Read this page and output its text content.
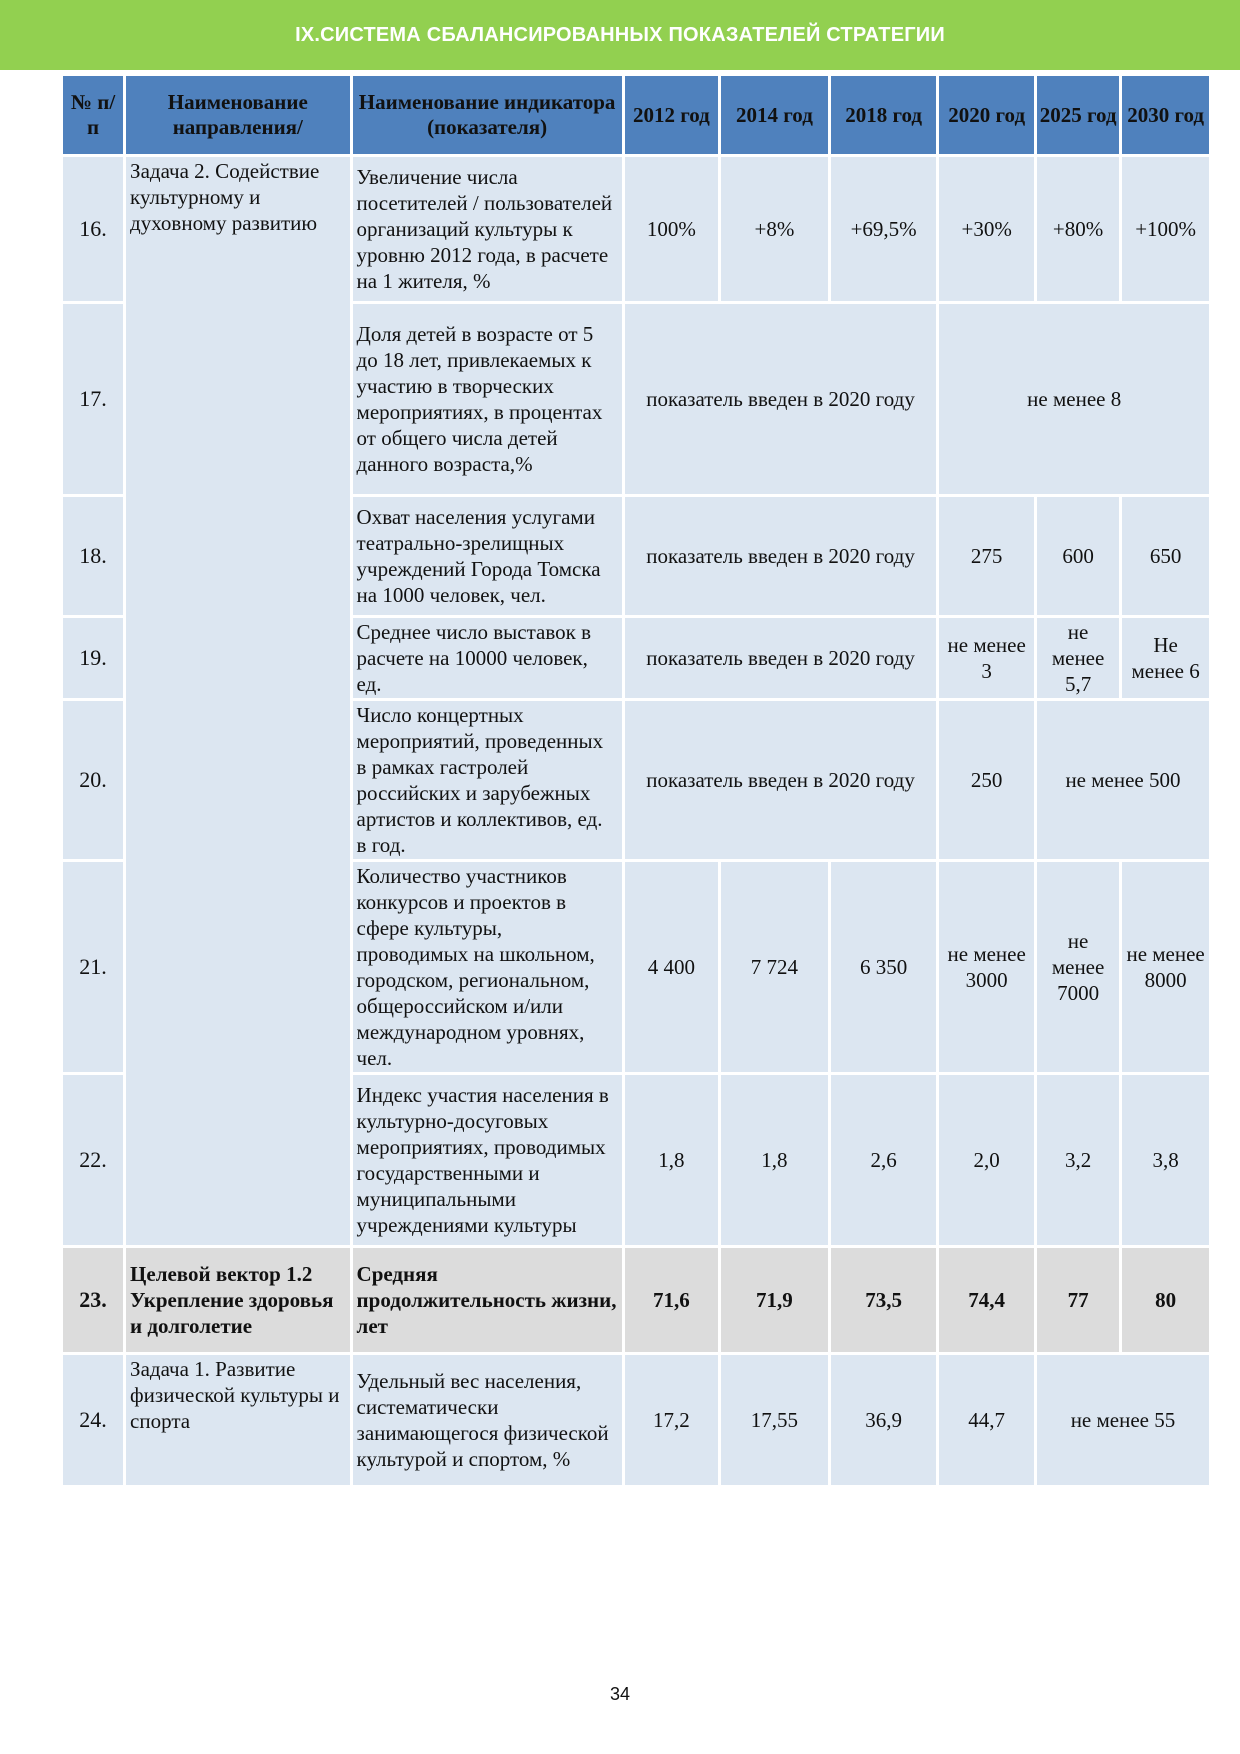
IX.СИСТЕМА СБАЛАНСИРОВАННЫХ ПОКАЗАТЕЛЕЙ СТРАТЕГИИ
№ п/п	Наименование направления/	Наименование индикатора (показателя)	2012 год	2014 год	2018 год	2020 год	2025 год	2030 год
16.	Задача 2. Содействие культурному и духовному развитию	Увеличение числа посетителей / пользователей организаций культуры к уровню 2012 года, в расчете на 1 жителя, %	100%	+8%	+69,5%	+30%	+80%	+100%
17.		Доля детей в возрасте от 5 до 18 лет, привлекаемых к участию в творческих мероприятиях, в процентах от общего числа детей данного возраста,%	показатель введен в 2020 году			не менее 8		
18.		Охват населения услугами театрально-зрелищных учреждений Города Томска на 1000 человек, чел.	показатель введен в 2020 году			275	600	650
19.		Среднее число выставок в расчете на 10000 человек, ед.	показатель введен в 2020 году			не менее 3	не менее 5,7	Не менее 6
20.		Число концертных мероприятий, проведенных в рамках гастролей российских и зарубежных артистов и коллективов, ед. в год.	показатель введен в 2020 году			250	не менее 500	
21.		Количество участников конкурсов и проектов в сфере культуры, проводимых на школьном, городском, региональном, общероссийском и/или международном уровнях, чел.	4 400	7 724	6 350	не менее 3000	не менее 7000	не менее 8000
22.		Индекс участия населения в культурно-досуговых мероприятиях, проводимых государственными и муниципальными учреждениями культуры	1,8	1,8	2,6	2,0	3,2	3,8
23.	Целевой вектор 1.2 Укрепление здоровья и долголетие	Средняя продолжительность жизни, лет	71,6	71,9	73,5	74,4	77	80
24.	Задача 1. Развитие физической культуры и спорта	Удельный вес населения, систематически занимающегося физической культурой и спортом, %	17,2	17,55	36,9	44,7	не менее 55	
34
